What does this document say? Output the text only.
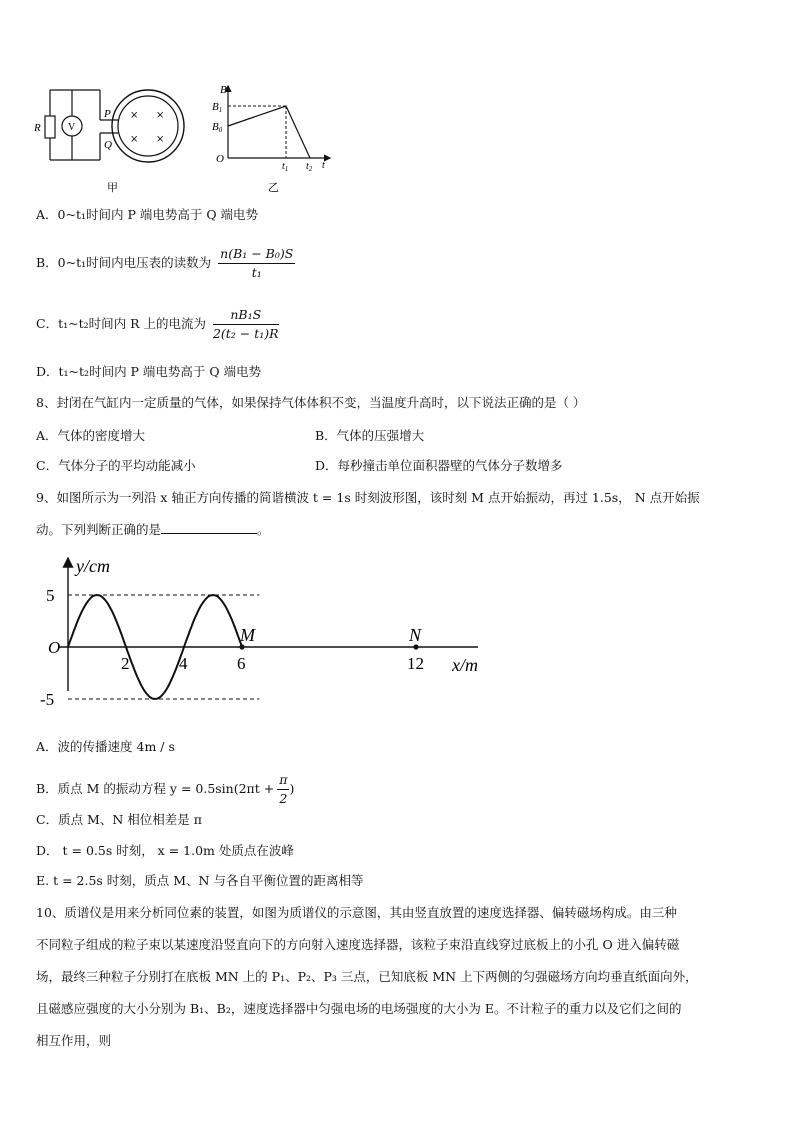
R	V
P
Q
× ×
× ×
甲
B
B1
B0
O
$t_1$ $t_2$ t
乙
A．0~t₁时间内 P 端电势高于 Q 端电势
B．0~t₁时间内电压表的读数为 $\frac{\text{n(B₁ − B₀)S}}{\text{t₁}}$
C．t₁~t₂时间内 R 上的电流为 $\frac{\text{nB₁S}}{\text{2(t₂ − t₁)R}}$
D．t₁~t₂时间内 P 端电势高于 Q 端电势
8、封闭在气缸内一定质量的气体，如果保持气体体积不变，当温度升高时，以下说法正确的是（ ）
A．气体的密度增大	B．气体的压强增大
C．气体分子的平均动能减小	D．每秒撞击单位面积器壁的气体分子数增多
9、如图所示为一列沿 x 轴正方向传播的简谐横波 t = 1s 时刻波形图，该时刻 M 点开始振动，再过 1.5s， N 点开始振
动。下列判断正确的是	。
y/cm
x/m
O
5
-5
2	4	6	12
M	N
A．波的传播速度 4m / s
B．质点 M 的振动方程 $y = 0.5\sin(2\pi t + \frac{\pi}{2}$ )
C．质点 M、N 相位相差是 π
D． t = 0.5s 时刻， x = 1.0m 处质点在波峰
E. t = 2.5s 时刻，质点 M、N 与各自平衡位置的距离相等
10、质谱仪是用来分析同位素的装置，如图为质谱仪的示意图，其由竖直放置的速度选择器、偏转磁场构成。由三种
不同粒子组成的粒子束以某速度沿竖直向下的方向射入速度选择器，该粒子束沿直线穿过底板上的小孔 O 进入偏转磁
场，最终三种粒子分别打在底板 MN 上的 P₁、P₂、P₃ 三点，已知底板 MN 上下两侧的匀强磁场方向均垂直纸面向外，
且磁感应强度的大小分别为 B₁、B₂，速度选择器中匀强电场的电场强度的大小为 E。不计粒子的重力以及它们之间的
相互作用，则
